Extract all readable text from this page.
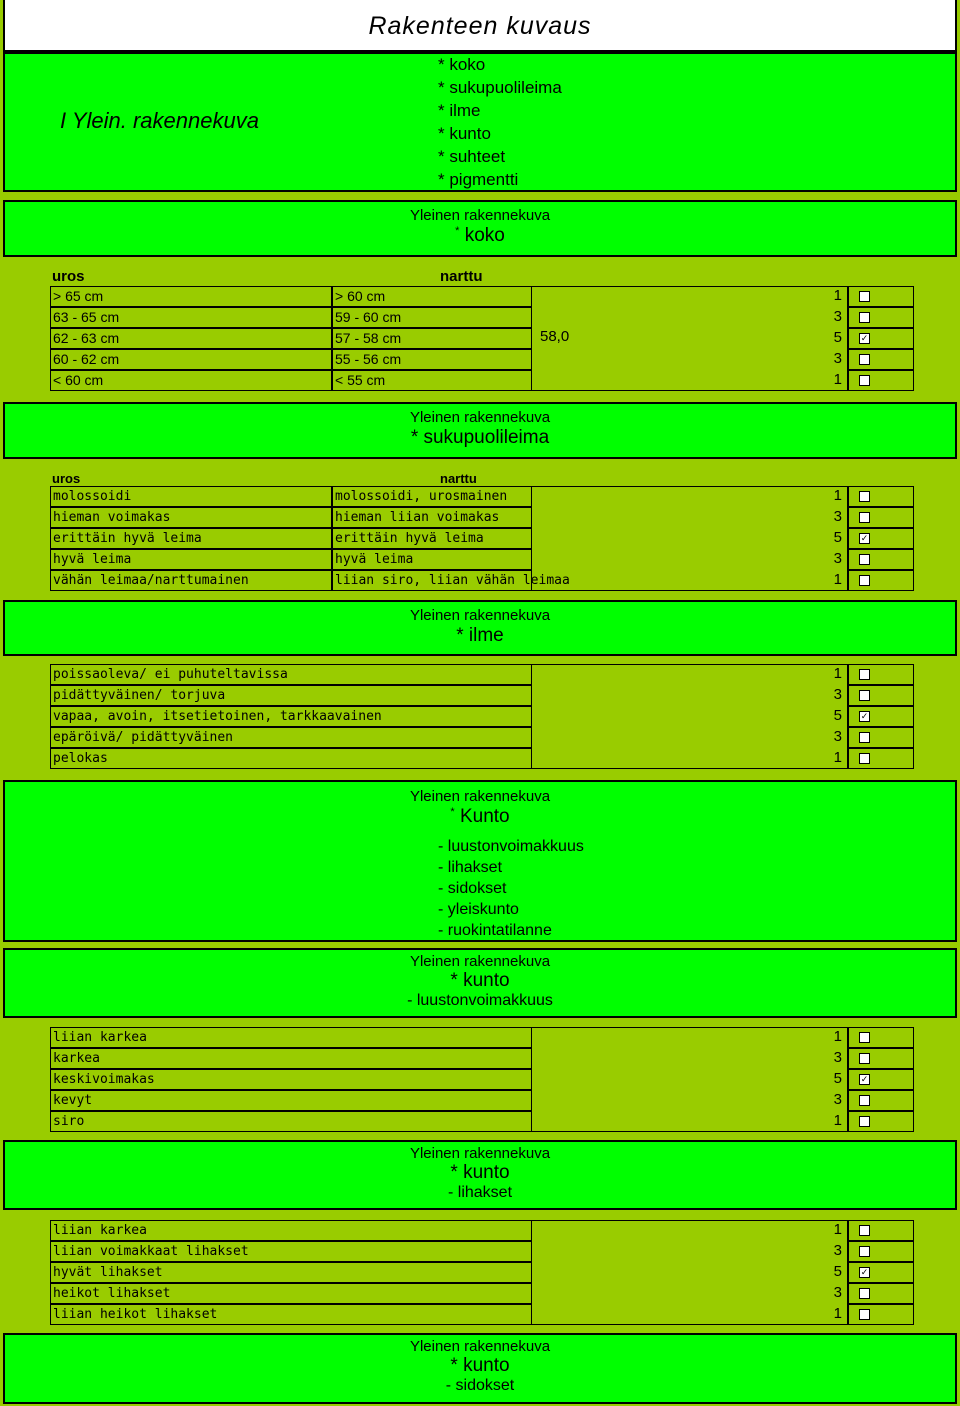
Rakenteen kuvaus
I Ylein. rakennekuva
* koko
* sukupuolileima
* ilme
* kunto
* suhteet
* pigmentti
Yleinen rakennekuva
* koko
uros	narttu
58,0
> 65 cm	> 60 cm	1
63 - 65 cm	59 - 60 cm	3
62 - 63 cm	57 - 58 cm	5	✓
60 - 62 cm	55 - 56 cm	3
< 60 cm	< 55 cm	1
Yleinen rakennekuva
* sukupuolileima
uros	narttu
molossoidi	molossoidi, urosmainen	1
hieman voimakas	hieman liian voimakas	3
erittäin hyvä leima	erittäin hyvä leima	5	✓
hyvä leima	hyvä leima	3
vähän leimaa/narttumainen	liian siro, liian vähän leimaa	1
Yleinen rakennekuva
* ilme
poissaoleva/ ei puhuteltavissa	1
pidättyväinen/ torjuva	3
vapaa, avoin, itsetietoinen, tarkkaavainen	5	✓
epäröivä/ pidättyväinen	3
pelokas	1
Yleinen rakennekuva
* Kunto
- luustonvoimakkuus
- lihakset
- sidokset
- yleiskunto
- ruokintatilanne
Yleinen rakennekuva
* kunto
- luustonvoimakkuus
liian karkea	1
karkea	3
keskivoimakas	5	✓
kevyt	3
siro	1
Yleinen rakennekuva
* kunto
- lihakset
liian karkea	1
liian voimakkaat lihakset	3
hyvät lihakset	5	✓
heikot lihakset	3
liian heikot lihakset	1
Yleinen rakennekuva
* kunto
- sidokset
